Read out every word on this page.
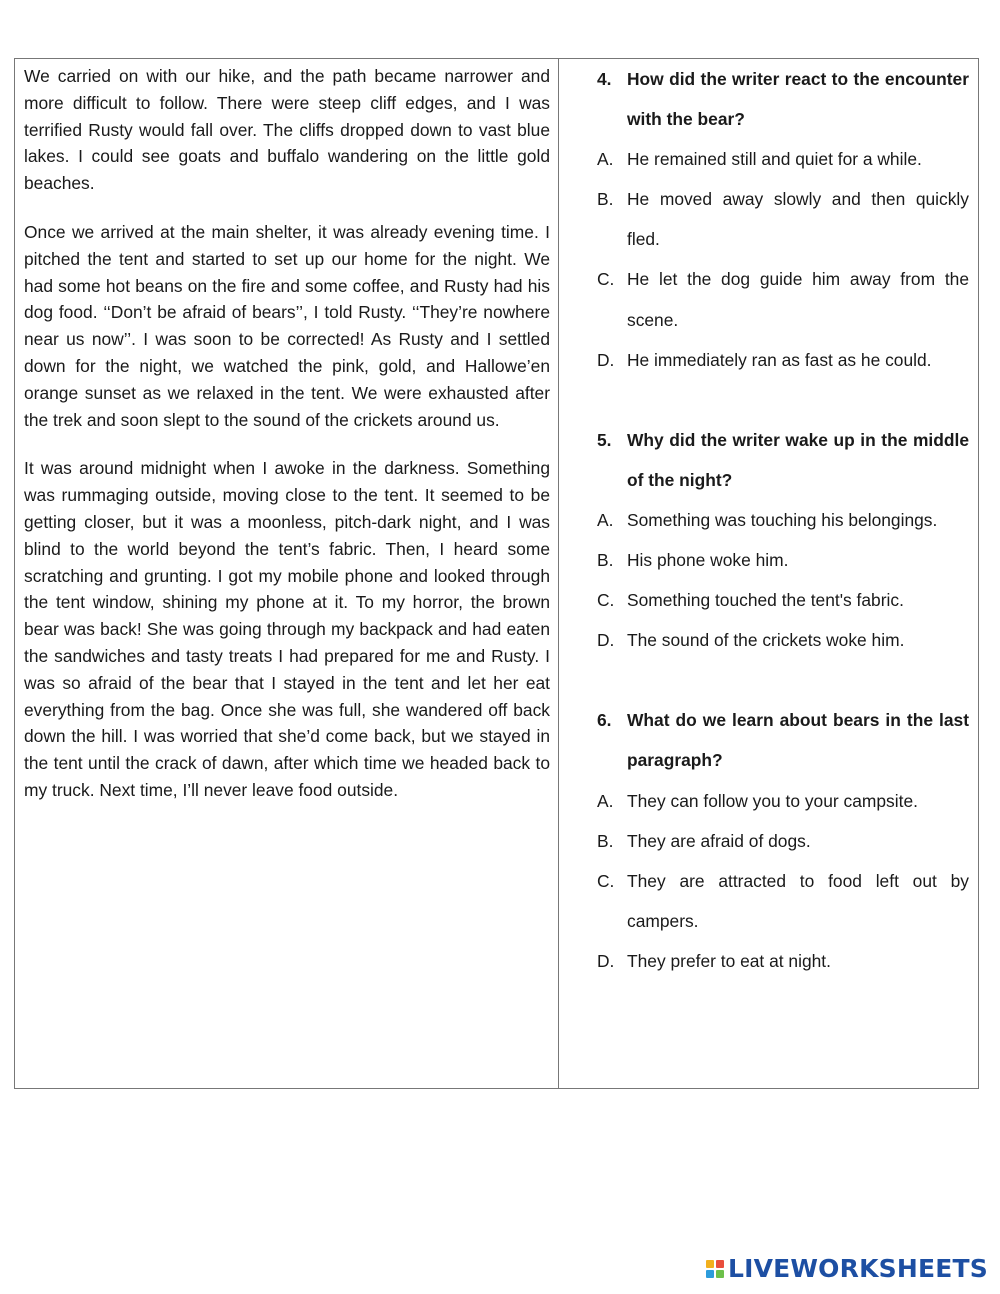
We carried on with our hike, and the path became narrower and more difficult to follow. There were steep cliff edges, and I was terrified Rusty would fall over. The cliffs dropped down to vast blue lakes. I could see goats and buffalo wandering on the little gold beaches.

Once we arrived at the main shelter, it was already evening time. I pitched the tent and started to set up our home for the night. We had some hot beans on the fire and some coffee, and Rusty had his dog food. ‘‘Don’t be afraid of bears’’, I told Rusty. ‘‘They’re nowhere near us now’’. I was soon to be corrected! As Rusty and I settled down for the night, we watched the pink, gold, and Hallowe’en orange sunset as we relaxed in the tent. We were exhausted after the trek and soon slept to the sound of the crickets around us.

It was around midnight when I awoke in the darkness. Something was rummaging outside, moving close to the tent. It seemed to be getting closer, but it was a moonless, pitch-dark night, and I was blind to the world beyond the tent’s fabric. Then, I heard some scratching and grunting. I got my mobile phone and looked through the tent window, shining my phone at it. To my horror, the brown bear was back! She was going through my backpack and had eaten the sandwiches and tasty treats I had prepared for me and Rusty. I was so afraid of the bear that I stayed in the tent and let her eat everything from the bag. Once she was full, she wandered off back down the hill. I was worried that she’d come back, but we stayed in the tent until the crack of dawn, after which time we headed back to my truck. Next time, I’ll never leave food outside.

4. How did the writer react to the encounter with the bear?
A. He remained still and quiet for a while.
B. He moved away slowly and then quickly fled.
C. He let the dog guide him away from the scene.
D. He immediately ran as fast as he could.
5. Why did the writer wake up in the middle of the night?
A. Something was touching his belongings.
B. His phone woke him.
C. Something touched the tent's fabric.
D. The sound of the crickets woke him.
6. What do we learn about bears in the last paragraph?
A. They can follow you to your campsite.
B. They are afraid of dogs.
C. They are attracted to food left out by campers.
D. They prefer to eat at night.
LIVEWORKSHEETS
